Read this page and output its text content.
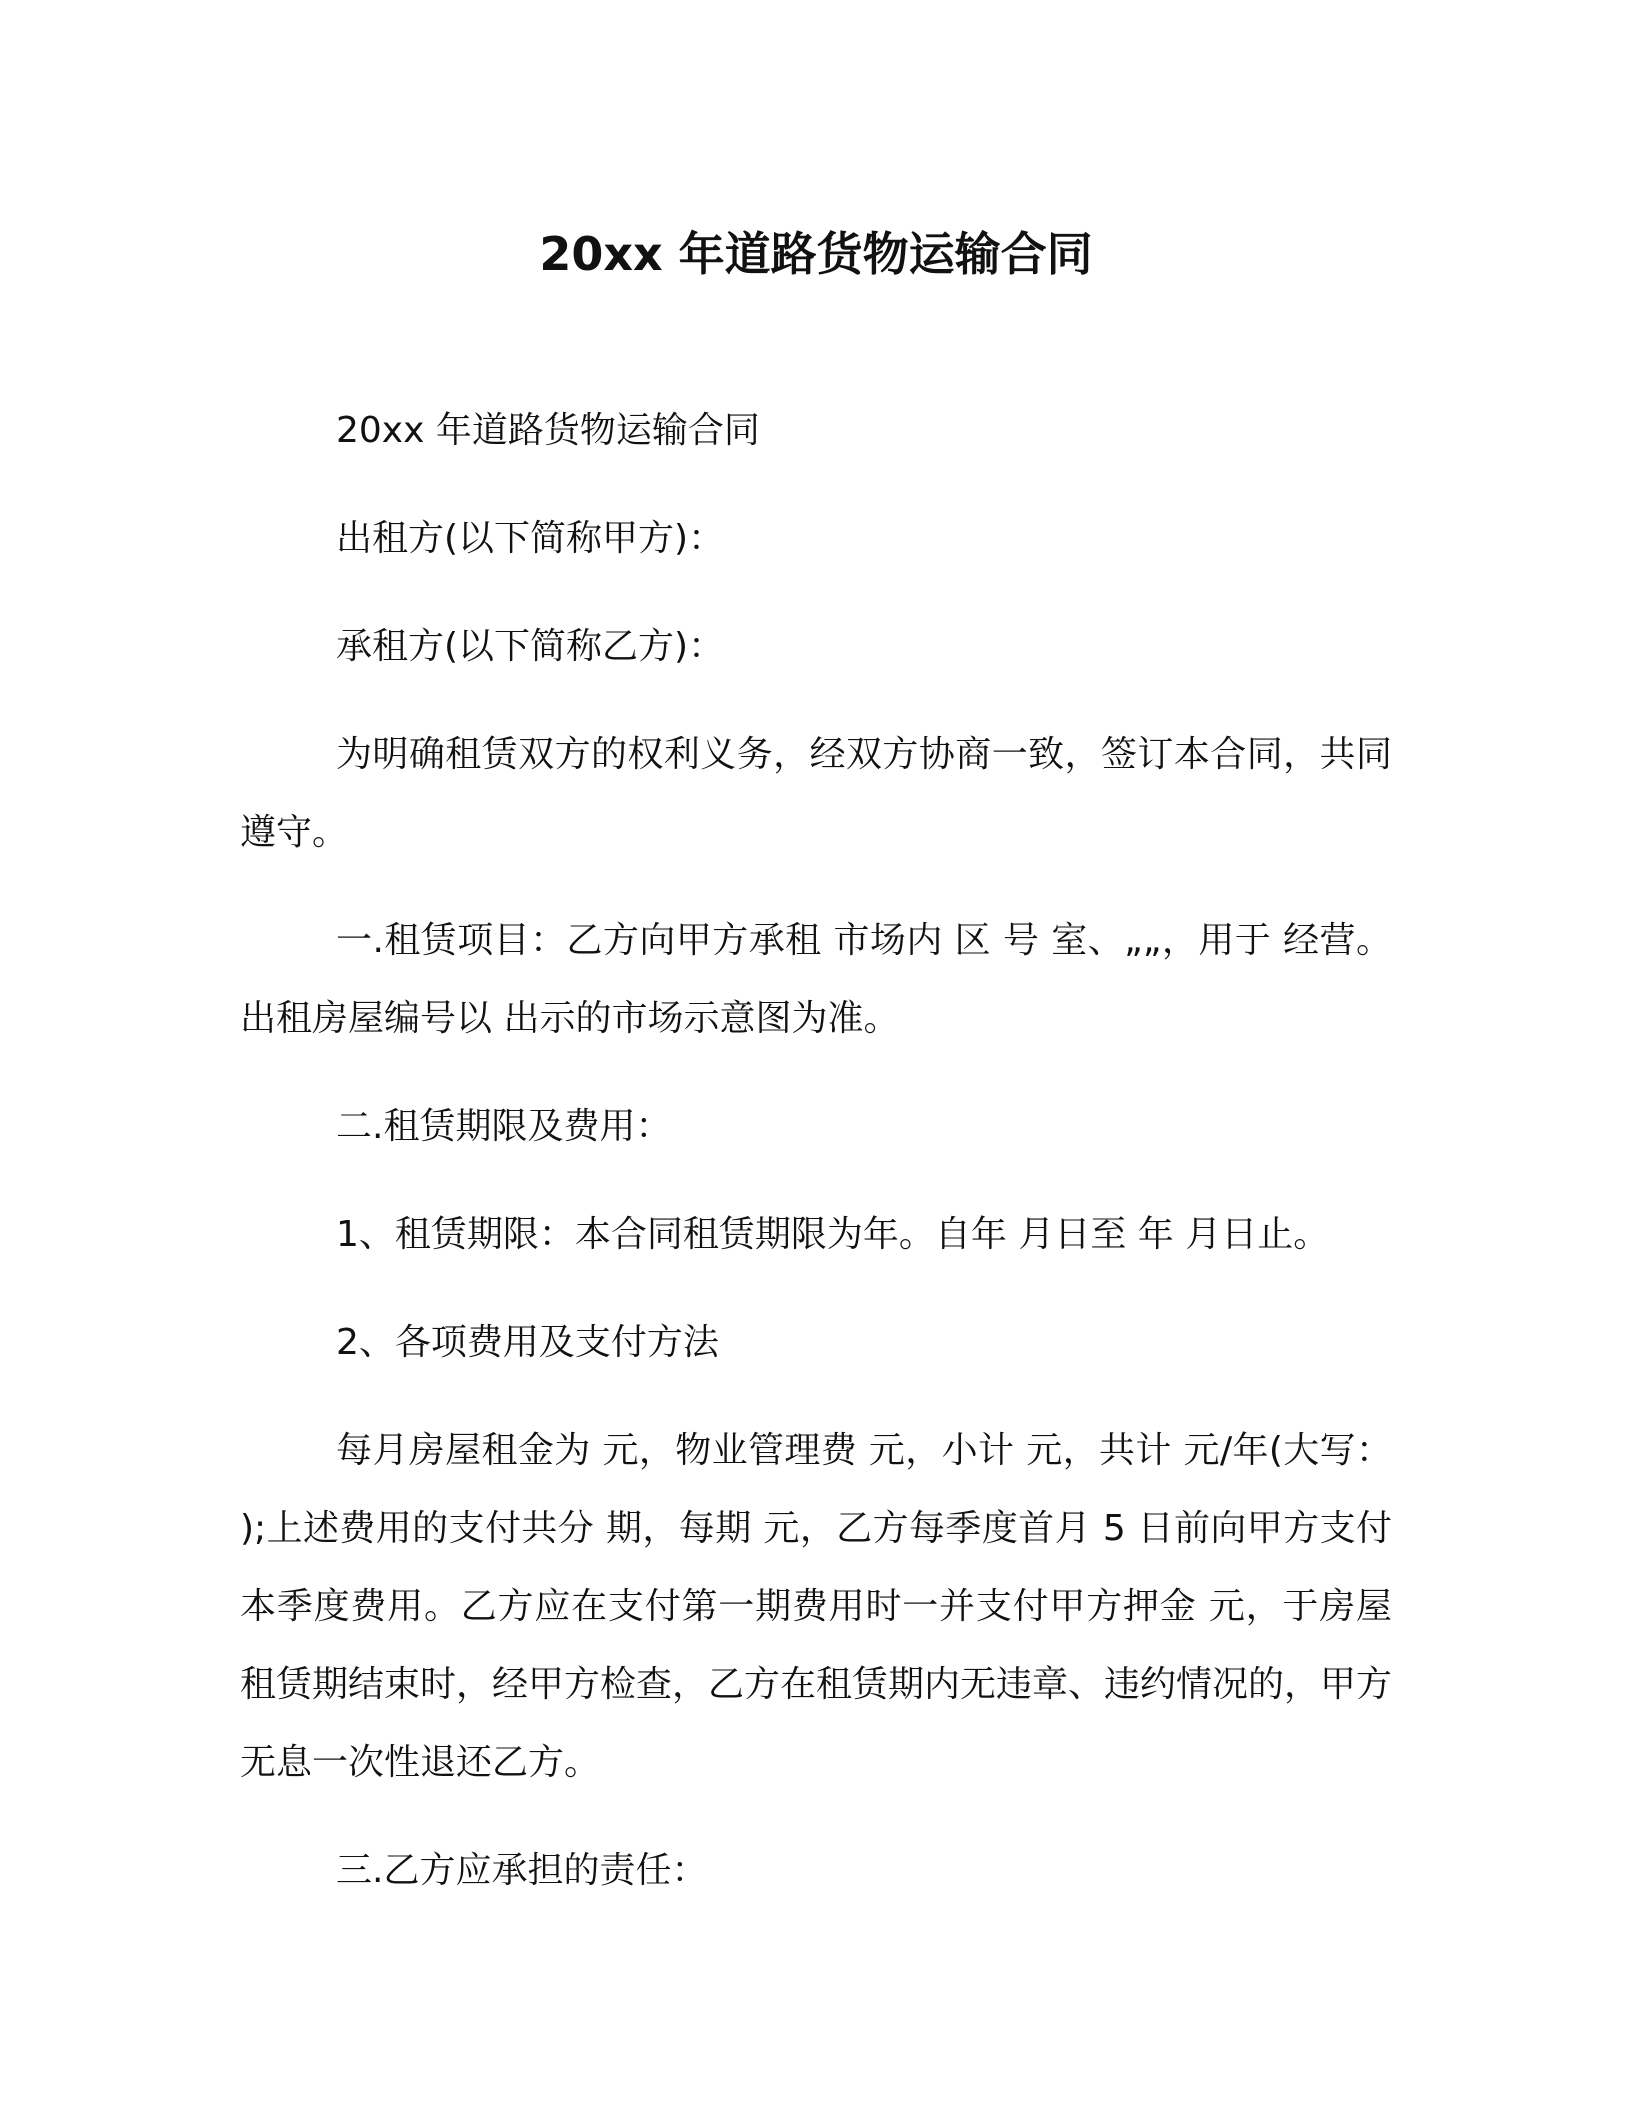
20xx 年道路货物运输合同

20xx 年道路货物运输合同

出租方(以下简称甲方)：

承租方(以下简称乙方)：

为明确租赁双方的权利义务，经双方协商一致，签订本合同，共同遵守。

一.租赁项目：乙方向甲方承租 市场内 区 号 室、„„，用于 经营。出租房屋编号以 出示的市场示意图为准。

二.租赁期限及费用：

1、租赁期限：本合同租赁期限为年。自年 月日至 年 月日止。

2、各项费用及支付方法

每月房屋租金为 元，物业管理费 元，小计 元，共计 元/年(大写： );上述费用的支付共分 期，每期 元，乙方每季度首月 5 日前向甲方支付本季度费用。乙方应在支付第一期费用时一并支付甲方押金 元，于房屋租赁期结束时，经甲方检查，乙方在租赁期内无违章、违约情况的，甲方无息一次性退还乙方。

三.乙方应承担的责任：
